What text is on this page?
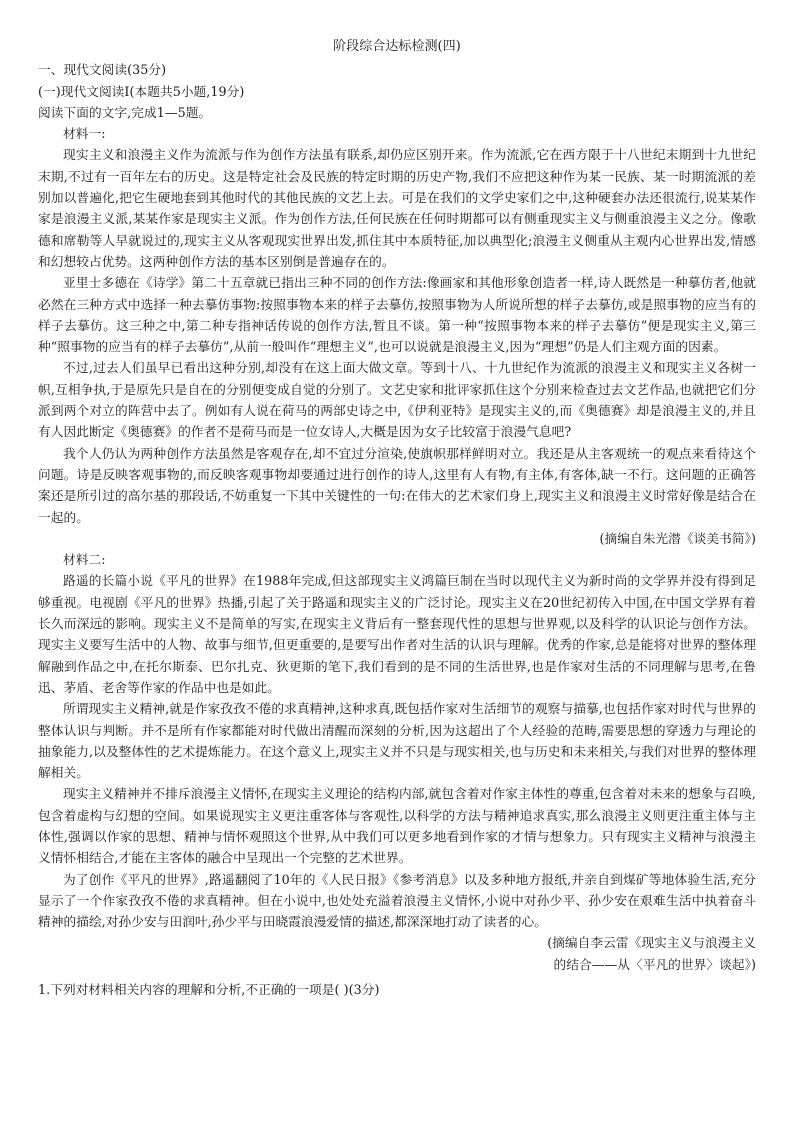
阶段综合达标检测(四)

一、现代文阅读(35分)

(一)现代文阅读Ⅰ(本题共5小题,19分)

阅读下面的文字,完成1—5题。

材料一:

现实主义和浪漫主义作为流派与作为创作方法虽有联系,却仍应区别开来。作为流派,它在西方限于十八世纪末期到十九世纪末期,不过有一百年左右的历史。这是特定社会及民族的特定时期的历史产物,我们不应把这种作为某一民族、某一时期流派的差别加以普遍化,把它生硬地套到其他时代的其他民族的文艺上去。可是在我们的文学史家们之中,这种硬套办法还很流行,说某某作家是浪漫主义派,某某作家是现实主义派。作为创作方法,任何民族在任何时期都可以有侧重现实主义与侧重浪漫主义之分。像歌德和席勒等人早就说过的,现实主义从客观现实世界出发,抓住其中本质特征,加以典型化;浪漫主义侧重从主观内心世界出发,情感和幻想较占优势。这两种创作方法的基本区别倒是普遍存在的。

亚里士多德在《诗学》第二十五章就已指出三种不同的创作方法:像画家和其他形象创造者一样,诗人既然是一种摹仿者,他就必然在三种方式中选择一种去摹仿事物:按照事物本来的样子去摹仿,按照事物为人所说所想的样子去摹仿,或是照事物的应当有的样子去摹仿。这三种之中,第二种专指神话传说的创作方法,暂且不谈。第一种“按照事物本来的样子去摹仿”便是现实主义,第三种“照事物的应当有的样子去摹仿”,从前一般叫作“理想主义”,也可以说就是浪漫主义,因为“理想”仍是人们主观方面的因素。

不过,过去人们虽早已看出这种分别,却没有在这上面大做文章。等到十八、十九世纪作为流派的浪漫主义和现实主义各树一帜,互相争执,于是原先只是自在的分别便变成自觉的分别了。文艺史家和批评家抓住这个分别来检查过去文艺作品,也就把它们分派到两个对立的阵营中去了。例如有人说在荷马的两部史诗之中,《伊利亚特》是现实主义的,而《奥德赛》却是浪漫主义的,并且有人因此断定《奥德赛》的作者不是荷马而是一位女诗人,大概是因为女子比较富于浪漫气息吧?

我个人仍认为两种创作方法虽然是客观存在,却不宜过分渲染,使旗帜那样鲜明对立。我还是从主客观统一的观点来看待这个问题。诗是反映客观事物的,而反映客观事物却要通过进行创作的诗人,这里有人有物,有主体,有客体,缺一不行。这问题的正确答案还是所引过的高尔基的那段话,不妨重复一下其中关键性的一句:在伟大的艺术家们身上,现实主义和浪漫主义时常好像是结合在一起的。

(摘编自朱光潜《谈美书简》)

材料二:

路遥的长篇小说《平凡的世界》在1988年完成,但这部现实主义鸿篇巨制在当时以现代主义为新时尚的文学界并没有得到足够重视。电视剧《平凡的世界》热播,引起了关于路遥和现实主义的广泛讨论。现实主义在20世纪初传入中国,在中国文学界有着长久而深远的影响。现实主义不是简单的写实,在现实主义背后有一整套现代性的思想与世界观,以及科学的认识论与创作方法。现实主义要写生活中的人物、故事与细节,但更重要的,是要写出作者对生活的认识与理解。优秀的作家,总是能将对世界的整体理解融到作品之中,在托尔斯泰、巴尔扎克、狄更斯的笔下,我们看到的是不同的生活世界,也是作家对生活的不同理解与思考,在鲁迅、茅盾、老舍等作家的作品中也是如此。

所谓现实主义精神,就是作家孜孜不倦的求真精神,这种求真,既包括作家对生活细节的观察与描摹,也包括作家对时代与世界的整体认识与判断。并不是所有作家都能对时代做出清醒而深刻的分析,因为这超出了个人经验的范畴,需要思想的穿透力与理论的抽象能力,以及整体性的艺术提炼能力。在这个意义上,现实主义并不只是与现实相关,也与历史和未来相关,与我们对世界的整体理解相关。

现实主义精神并不排斥浪漫主义情怀,在现实主义理论的结构内部,就包含着对作家主体性的尊重,包含着对未来的想象与召唤,包含着虚构与幻想的空间。如果说现实主义更注重客体与客观性,以科学的方法与精神追求真实,那么浪漫主义则更注重主体与主体性,强调以作家的思想、精神与情怀观照这个世界,从中我们可以更多地看到作家的才情与想象力。只有现实主义精神与浪漫主义情怀相结合,才能在主客体的融合中呈现出一个完整的艺术世界。

为了创作《平凡的世界》,路遥翻阅了10年的《人民日报》《参考消息》以及多种地方报纸,并亲自到煤矿等地体验生活,充分显示了一个作家孜孜不倦的求真精神。但在小说中,也处处充溢着浪漫主义情怀,小说中对孙少平、孙少安在艰难生活中执着奋斗精神的描绘,对孙少安与田润叶,孙少平与田晓霞浪漫爱情的描述,都深深地打动了读者的心。

(摘编自李云雷《现实主义与浪漫主义
的结合——从〈平凡的世界〉谈起》)

1.下列对材料相关内容的理解和分析,不正确的一项是( )(3分)
